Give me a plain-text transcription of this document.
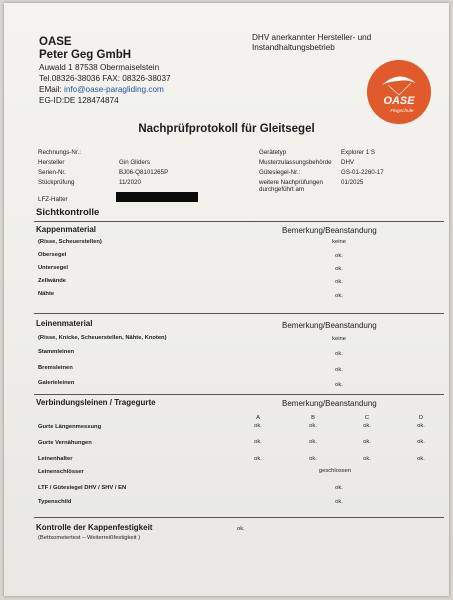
OASE
Peter Geg GmbH
Auwald 1 87538 Obermaiselstein
Tel.08326-38036 FAX: 08326-38037
EMail: info@oase-paragliding.com
EG-ID:DE 128474874
DHV anerkannter Hersteller- und
Instandhaltungsbetrieb
OASE
Flugschule
Nachprüfprotokoll für Gleitsegel
Rechnungs-Nr.:
Hersteller	Gin Gliders
Serien-Nr.	BJ06-Q8101265P
Stückprüfung	11/2020
Gerätetyp	Explorer 1 S
Musterzulassungsbehörde DHV
Gütesiegel-Nr.:	GS-01-2260-17
weitere Nachprüfungen
durchgeführt am
01/2025
LFZ-Halter
Sichtkontrolle
Kappenmaterial	Bemerkung/Beanstandung
(Risse, Scheuerstellen)	keine
Obersegel	ok.
Untersegel	ok.
Zellwände	ok.
Nähte	ok.
Leinenmaterial	Bemerkung/Beanstandung
(Risse, Knicke, Scheuerstellen, Nähte, Knoten)	keine
Stammleinen	ok.
Bremsleinen	ok.
Galerieleinen	ok.
Verbindungsleinen / Tragegurte	Bemerkung/Beanstandung
A	B	C	D
Gurte Längenmessung	ok.	ok.	ok.	ok.
Gurte Vernähungen	ok.	ok.	ok.	ok.
Leinenhalter	ok.	ok.	ok.	ok.
Leinenschlösser	geschlossen
LTF / Gütesiegel DHV / SHV / EN	ok.
Typenschild	ok.
Kontrolle der Kappenfestigkeit
(Bettsometertest – Weiterreißfestigkeit )
ok.
